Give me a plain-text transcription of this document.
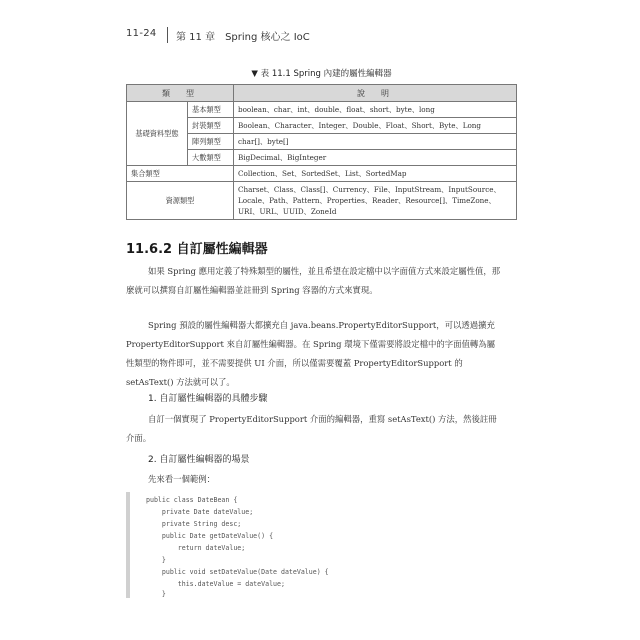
11-24 第 11 章　Spring 核心之 IoC
▼ 表 11.1 Spring 內建的屬性編輯器
類　型		說　明
基礎資料型態	基本類型	boolean、char、int、double、float、short、byte、long
	封裝類型	Boolean、Character、Integer、Double、Float、Short、Byte、Long
	陣列類型	char[]、byte[]
	大數類型	BigDecimal、BigInteger
集合類型		Collection、Set、SortedSet、List、SortedMap
資源類型		Charset、Class、Class[]、Currency、File、InputStream、InputSource、Locale、Path、Pattern、Properties、Reader、Resource[]、TimeZone、URI、URL、UUID、ZoneId
11.6.2 自訂屬性編輯器

如果 Spring 應用定義了特殊類型的屬性，並且希望在設定檔中以字面值方式來設定屬性值，那麼就可以撰寫自訂屬性編輯器並註冊到 Spring 容器的方式來實現。

Spring 預設的屬性編輯器大都擴充自 java.beans.PropertyEditorSupport，可以透過擴充 PropertyEditorSupport 來自訂屬性編輯器。在 Spring 環境下僅需要將設定檔中的字面值轉為屬性類型的物件即可，並不需要提供 UI 介面，所以僅需要覆蓋 PropertyEditorSupport 的 setAsText() 方法就可以了。

1. 自訂屬性編輯器的具體步驟

自訂一個實現了 PropertyEditorSupport 介面的編輯器，重寫 setAsText() 方法，然後註冊介面。

2. 自訂屬性編輯器的場景

先來看一個範例：

public class DateBean {
private Date dateValue;
private String desc;
public Date getDateValue() {
return dateValue;
}
public void setDateValue(Date dateValue) {
this.dateValue = dateValue;
}
